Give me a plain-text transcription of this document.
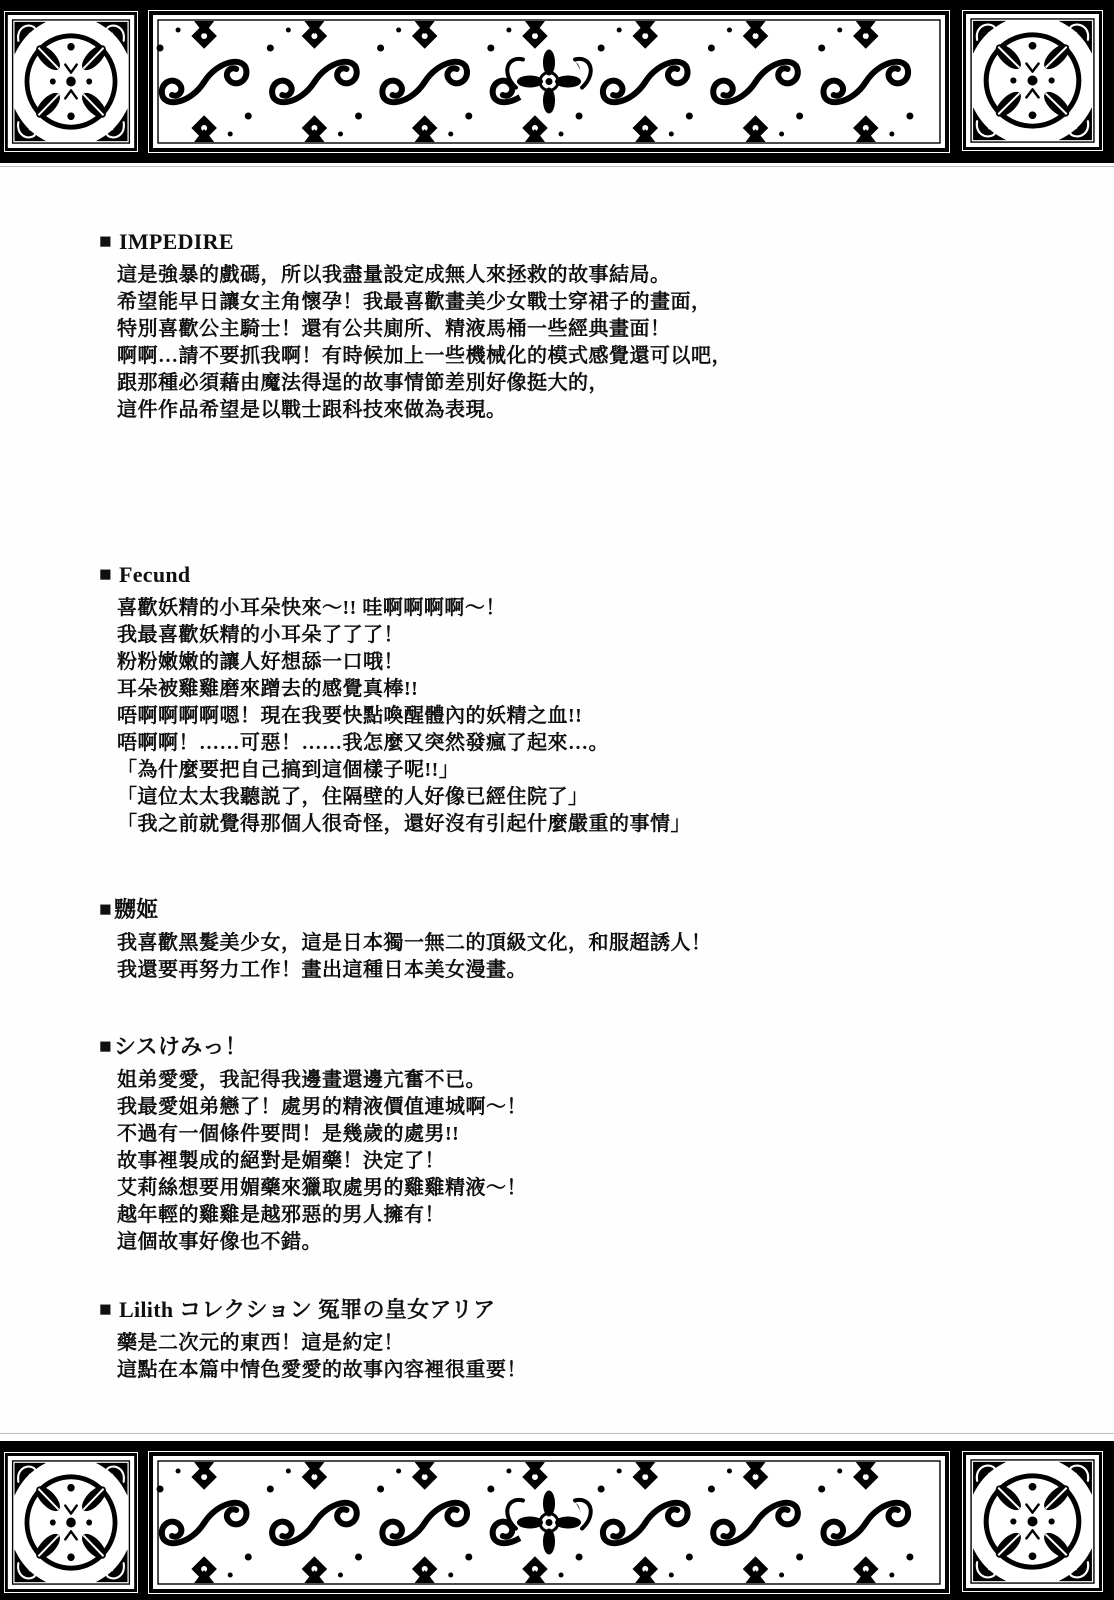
■ IMPEDIRE

這是強暴的戲碼，所以我盡量設定成無人來拯救的故事結局。

希望能早日讓女主角懷孕！我最喜歡畫美少女戰士穿裙子的畫面，

特別喜歡公主騎士！還有公共廁所、精液馬桶一些經典畫面！

啊啊…請不要抓我啊！有時候加上一些機械化的模式感覺還可以吧，

跟那種必須藉由魔法得逞的故事情節差別好像挺大的，

這件作品希望是以戰士跟科技來做為表現。

■ Fecund

喜歡妖精的小耳朵快來～!! 哇啊啊啊啊～！

我最喜歡妖精的小耳朵了了了！

粉粉嫩嫩的讓人好想舔一口哦！

耳朵被雞雞磨來蹭去的感覺真棒!!

唔啊啊啊啊嗯！現在我要快點喚醒體內的妖精之血!!

唔啊啊！……可惡！……我怎麼又突然發瘋了起來…。

「為什麼要把自己搞到這個樣子呢!!」

「這位太太我聽説了，住隔壁的人好像已經住院了」

「我之前就覺得那個人很奇怪，還好沒有引起什麼嚴重的事情」

■ 嬲姬

我喜歡黑髮美少女，這是日本獨一無二的頂級文化，和服超誘人！

我還要再努力工作！畫出這種日本美女漫畫。

■ シスけみっ！

姐弟愛愛，我記得我邊畫還邊亢奮不已。

我最愛姐弟戀了！處男的精液價值連城啊～！

不過有一個條件要問！是幾歲的處男!!

故事裡製成的絕對是媚藥！決定了！

艾莉絲想要用媚藥來獵取處男的雞雞精液～！

越年輕的雞雞是越邪惡的男人擁有！

這個故事好像也不錯。

■ Lilith コレクション 冤罪の皇女アリア

藥是二次元的東西！這是約定！

這點在本篇中情色愛愛的故事內容裡很重要！
